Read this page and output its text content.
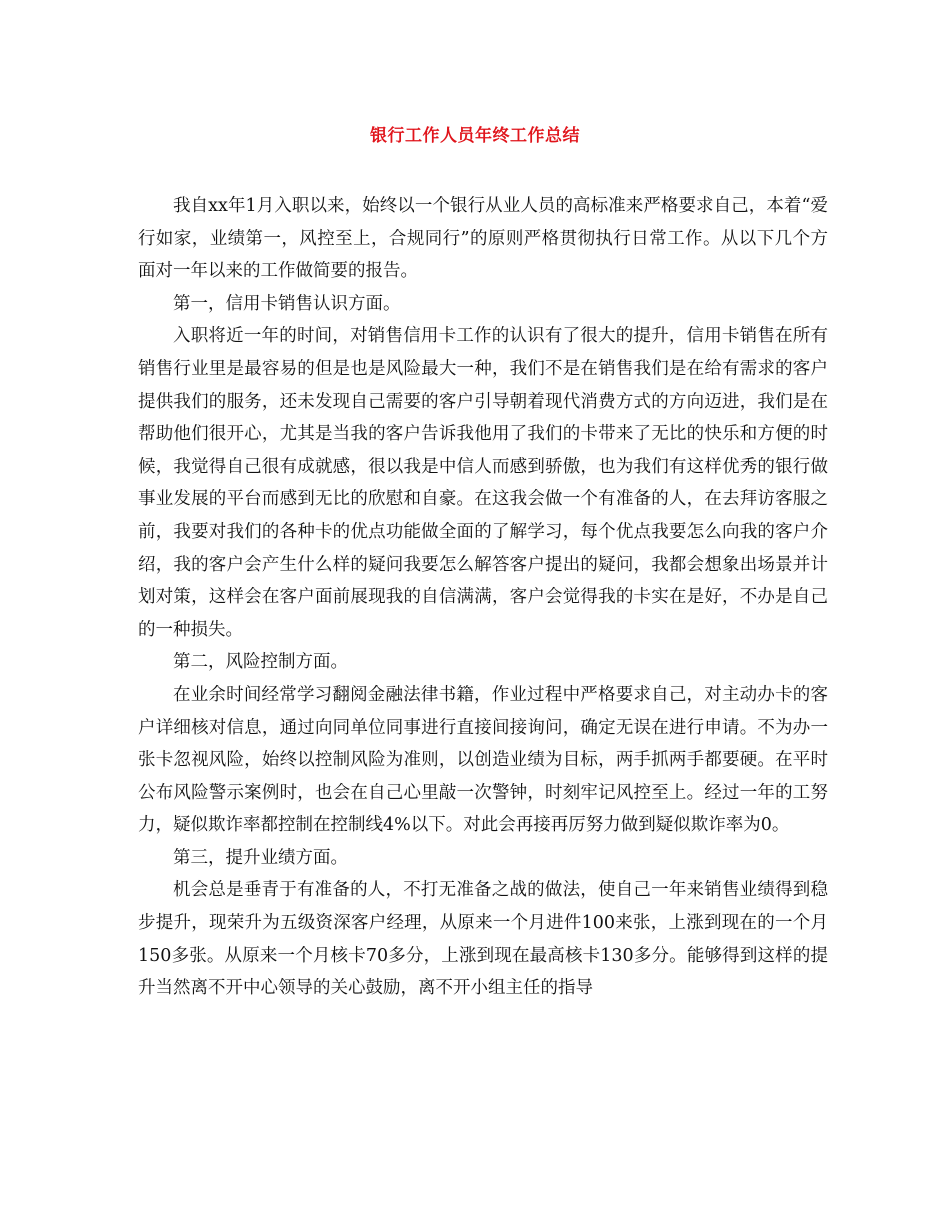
银行工作人员年终工作总结

我自xx年1月入职以来，始终以一个银行从业人员的高标准来严格要求自己，本着“爱行如家，业绩第一，风控至上，合规同行”的原则严格贯彻执行日常工作。从以下几个方面对一年以来的工作做简要的报告。

第一，信用卡销售认识方面。

入职将近一年的时间，对销售信用卡工作的认识有了很大的提升，信用卡销售在所有销售行业里是最容易的但是也是风险最大一种，我们不是在销售我们是在给有需求的客户提供我们的服务，还未发现自己需要的客户引导朝着现代消费方式的方向迈进，我们是在帮助他们很开心，尤其是当我的客户告诉我他用了我们的卡带来了无比的快乐和方便的时候，我觉得自己很有成就感，很以我是中信人而感到骄傲，也为我们有这样优秀的银行做事业发展的平台而感到无比的欣慰和自豪。在这我会做一个有准备的人，在去拜访客服之前，我要对我们的各种卡的优点功能做全面的了解学习，每个优点我要怎么向我的客户介绍，我的客户会产生什么样的疑问我要怎么解答客户提出的疑问，我都会想象出场景并计划对策，这样会在客户面前展现我的自信满满，客户会觉得我的卡实在是好，不办是自己的一种损失。

第二，风险控制方面。

在业余时间经常学习翻阅金融法律书籍，作业过程中严格要求自己，对主动办卡的客户详细核对信息，通过向同单位同事进行直接间接询问，确定无误在进行申请。不为办一张卡忽视风险，始终以控制风险为准则，以创造业绩为目标，两手抓两手都要硬。在平时公布风险警示案例时，也会在自己心里敲一次警钟，时刻牢记风控至上。经过一年的工努力，疑似欺诈率都控制在控制线4%以下。对此会再接再厉努力做到疑似欺诈率为0。

第三，提升业绩方面。

机会总是垂青于有准备的人，不打无准备之战的做法，使自己一年来销售业绩得到稳步提升，现荣升为五级资深客户经理，从原来一个月进件100来张，上涨到现在的一个月150多张。从原来一个月核卡70多分，上涨到现在最高核卡130多分。能够得到这样的提升当然离不开中心领导的关心鼓励，离不开小组主任的指导
